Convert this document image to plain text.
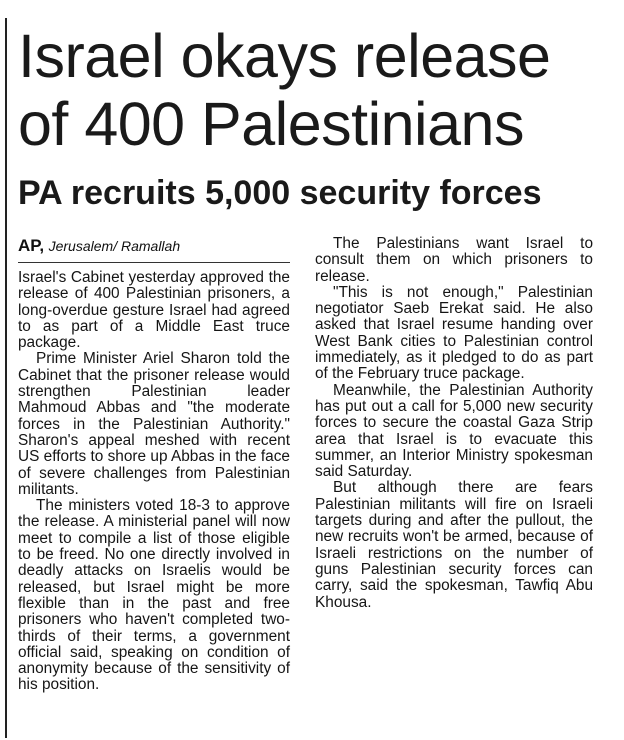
Israel okays release
of 400 Palestinians
PA recruits 5,000 security forces
AP, Jerusalem/ Ramallah

Israel's Cabinet yesterday approved the release of 400 Palestinian prisoners, a long-overdue gesture Israel had agreed to as part of a Middle East truce package.

Prime Minister Ariel Sharon told the Cabinet that the prisoner release would strengthen Palestinian leader Mahmoud Abbas and "the moderate forces in the Palestinian Authority." Sharon's appeal meshed with recent US efforts to shore up Abbas in the face of severe challenges from Palestinian militants.

The ministers voted 18-3 to approve the release. A ministerial panel will now meet to compile a list of those eligible to be freed. No one directly involved in deadly attacks on Israelis would be released, but Israel might be more flexible than in the past and free prisoners who haven't completed two-thirds of their terms, a government official said, speaking on condition of anonymity because of the sensitivity of his position.

The Palestinians want Israel to consult them on which prisoners to release.

"This is not enough," Palestinian negotiator Saeb Erekat said. He also asked that Israel resume handing over West Bank cities to Palestinian control immediately, as it pledged to do as part of the February truce package.

Meanwhile, the Palestinian Authority has put out a call for 5,000 new security forces to secure the coastal Gaza Strip area that Israel is to evacuate this summer, an Interior Ministry spokesman said Saturday.

But although there are fears Palestinian militants will fire on Israeli targets during and after the pullout, the new recruits won't be armed, because of Israeli restrictions on the number of guns Palestinian security forces can carry, said the spokesman, Tawfiq Abu Khousa.
